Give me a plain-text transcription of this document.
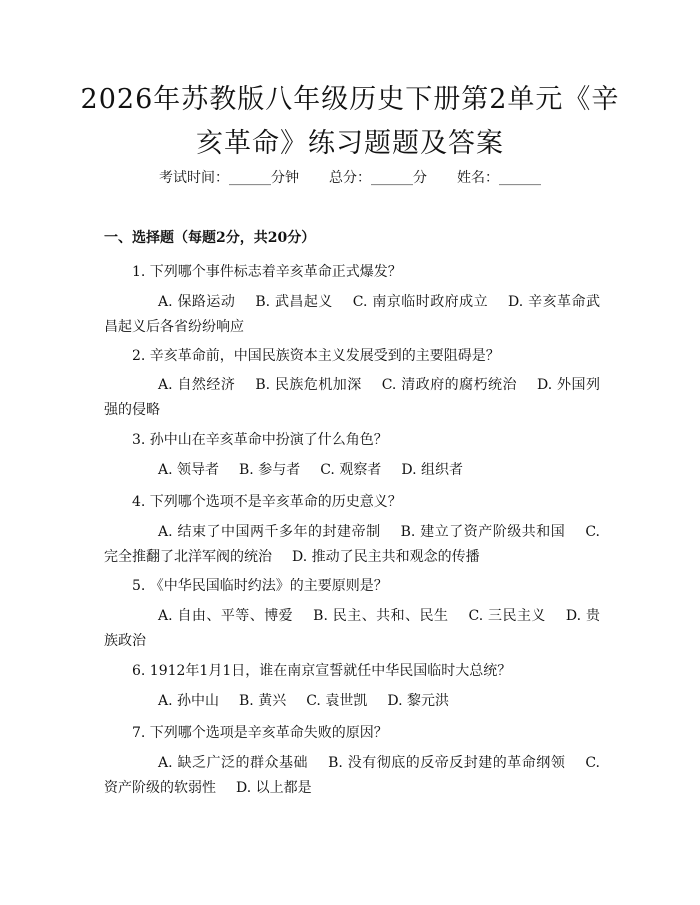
2026年苏教版八年级历史下册第2单元《辛亥革命》练习题题及答案
考试时间：______分钟 总分：______分 姓名：______
一、选择题（每题2分，共20分）
1. 下列哪个事件标志着辛亥革命正式爆发？
A. 保路运动 B. 武昌起义 C. 南京临时政府成立 D. 辛亥革命武昌起义后各省纷纷响应
2. 辛亥革命前，中国民族资本主义发展受到的主要阻碍是？
A. 自然经济 B. 民族危机加深 C. 清政府的腐朽统治 D. 外国列强的侵略
3. 孙中山在辛亥革命中扮演了什么角色？
A. 领导者 B. 参与者 C. 观察者 D. 组织者
4. 下列哪个选项不是辛亥革命的历史意义？
A. 结束了中国两千多年的封建帝制 B. 建立了资产阶级共和国 C. 完全推翻了北洋军阀的统治 D. 推动了民主共和观念的传播
5. 《中华民国临时约法》的主要原则是？
A. 自由、平等、博爱 B. 民主、共和、民生 C. 三民主义 D. 贵族政治
6. 1912年1月1日，谁在南京宣誓就任中华民国临时大总统？
A. 孙中山 B. 黄兴 C. 袁世凯 D. 黎元洪
7. 下列哪个选项是辛亥革命失败的原因？
A. 缺乏广泛的群众基础 B. 没有彻底的反帝反封建的革命纲领 C. 资产阶级的软弱性 D. 以上都是
